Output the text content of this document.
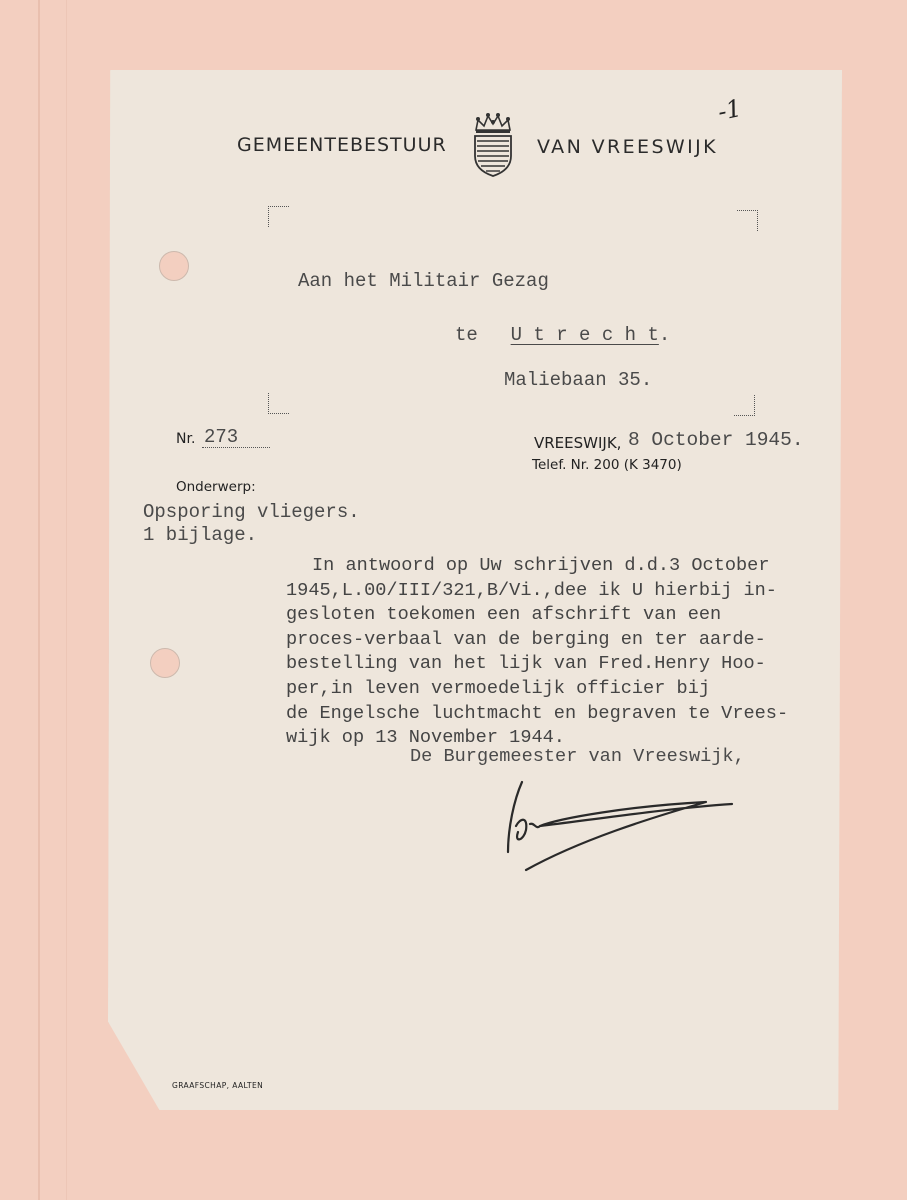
GEMEENTEBESTUUR	VAN VREESWIJK
-1
Aan het Militair Gezag
te U t r e c h t.
Maliebaan 35.
Nr. 273	VREESWIJK, 8 October 1945.
Telef. Nr. 200 (K 3470)
Onderwerp:
Opsporing vliegers.
1 bijlage.
In antwoord op Uw schrijven d.d.3 October
1945,L.00/III/321,B/Vi.,dee ik U hierbij in-
gesloten toekomen een afschrift van een
proces-verbaal van de berging en ter aarde-
bestelling van het lijk van Fred.Henry Hoo-
per,in leven vermoedelijk officier bij
de Engelsche luchtmacht en begraven te Vrees-
wijk op 13 November 1944.
De Burgemeester van Vreeswijk,
GRAAFSCHAP, AALTEN
